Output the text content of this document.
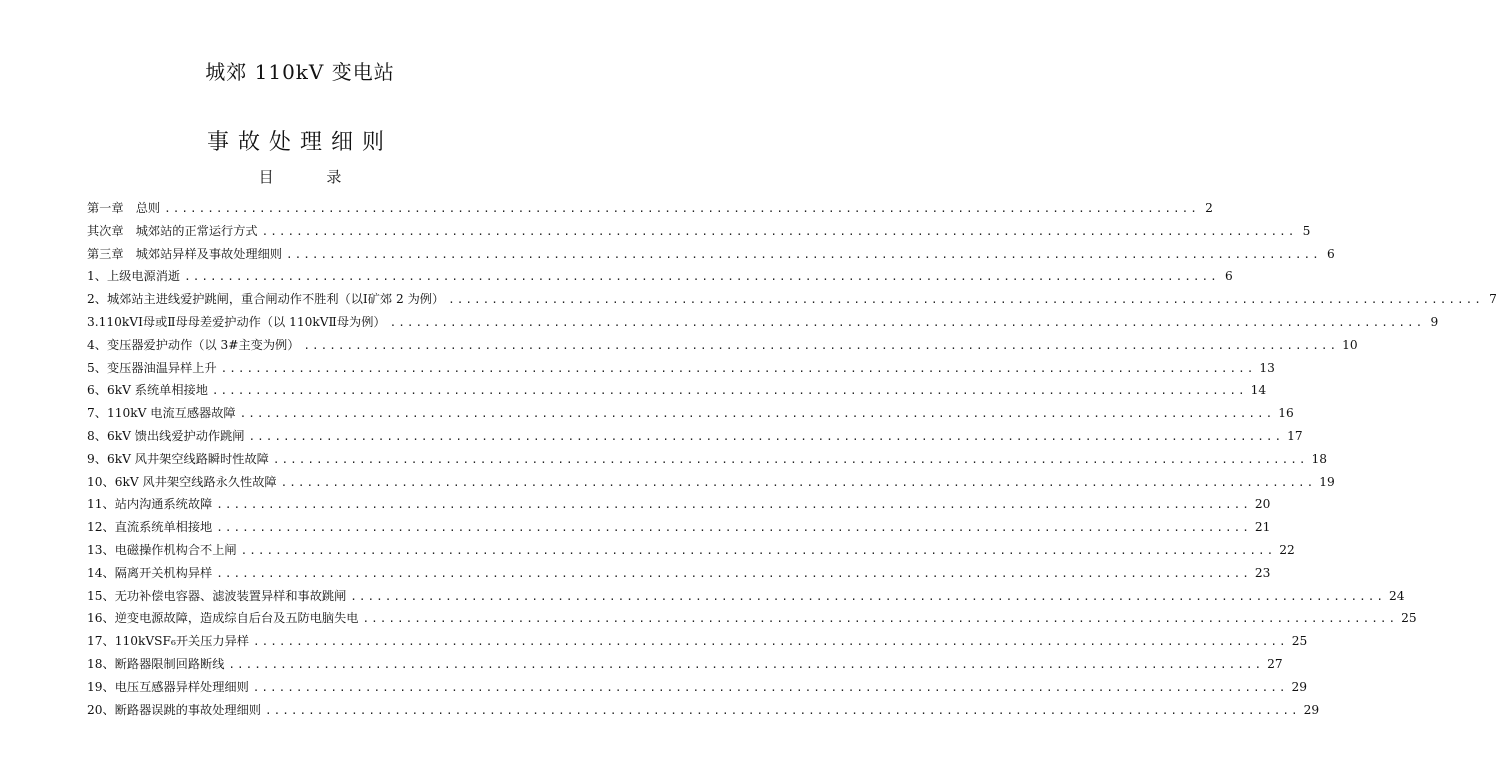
城郊 110kV 变电站
事故处理细则
目 录
第一章　总则 ........................................................................................................................ 2
其次章　城郊站的正常运行方式 ........................................................................................................................ 5
第三章　城郊站异样及事故处理细则 ........................................................................................................................ 6
1、上级电源消逝 ........................................................................................................................ 6
2、城郊站主进线爱护跳闸，重合闸动作不胜利（以Ⅰ矿郊 2 为例） ........................................................................................................................ 7
3.110kVⅠ母或Ⅱ母母差爱护动作（以 110kVⅡ母为例） ........................................................................................................................ 9
4、变压器爱护动作（以 3#主变为例） ........................................................................................................................ 10
5、变压器油温异样上升 ........................................................................................................................ 13
6、6kV 系统单相接地 ........................................................................................................................ 14
7、110kV 电流互感器故障 ........................................................................................................................ 16
8、6kV 馈出线爱护动作跳闸 ........................................................................................................................ 17
9、6kV 风井架空线路瞬时性故障 ........................................................................................................................ 18
10、6kV 风井架空线路永久性故障 ........................................................................................................................ 19
11、站内沟通系统故障 ........................................................................................................................ 20
12、直流系统单相接地 ........................................................................................................................ 21
13、电磁操作机构合不上闸 ........................................................................................................................ 22
14、隔离开关机构异样 ........................................................................................................................ 23
15、无功补偿电容器、滤波装置异样和事故跳闸 ........................................................................................................................ 24
16、逆变电源故障，造成综自后台及五防电脑失电 ........................................................................................................................ 25
17、110kVSF₆开关压力异样 ........................................................................................................................ 25
18、断路器限制回路断线 ........................................................................................................................ 27
19、电压互感器异样处理细则 ........................................................................................................................ 29
20、断路器误跳的事故处理细则 ........................................................................................................................ 29
